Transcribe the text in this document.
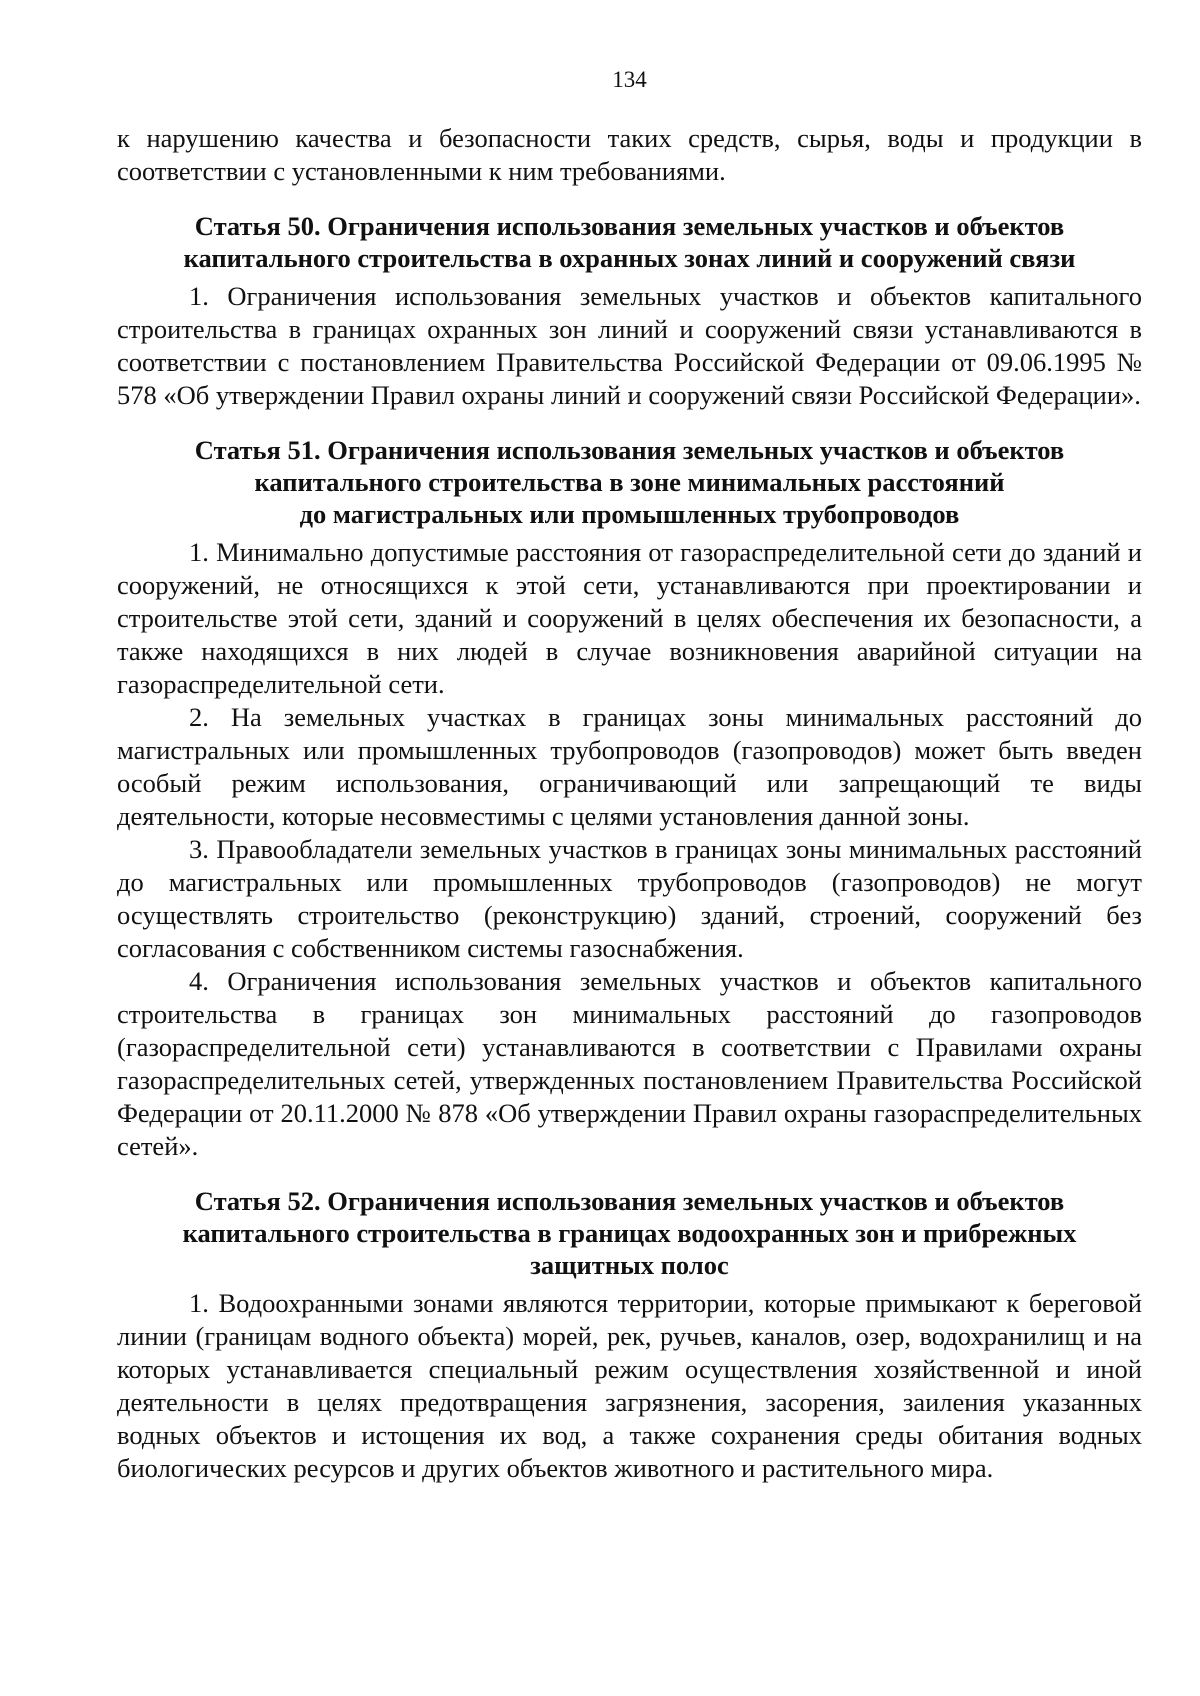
134

к нарушению качества и безопасности таких средств, сырья, воды и продукции в соответствии с установленными к ним требованиями.

Статья 50. Ограничения использования земельных участков и объектов
капитального строительства в охранных зонах линий и сооружений связи

1. Ограничения использования земельных участков и объектов капитального строительства в границах охранных зон линий и сооружений связи устанавливаются в соответствии с постановлением Правительства Российской Федерации от 09.06.1995 № 578 «Об утверждении Правил охраны линий и сооружений связи Российской Федерации».

Статья 51. Ограничения использования земельных участков и объектов
капитального строительства в зоне минимальных расстояний
до магистральных или промышленных трубопроводов

1. Минимально допустимые расстояния от газораспределительной сети до зданий и сооружений, не относящихся к этой сети, устанавливаются при проектировании и строительстве этой сети, зданий и сооружений в целях обеспечения их безопасности, а также находящихся в них людей в случае возникновения аварийной ситуации на газораспределительной сети.

2. На земельных участках в границах зоны минимальных расстояний до магистральных или промышленных трубопроводов (газопроводов) может быть введен особый режим использования, ограничивающий или запрещающий те виды деятельности, которые несовместимы с целями установления данной зоны.

3. Правообладатели земельных участков в границах зоны минимальных расстояний до магистральных или промышленных трубопроводов (газопроводов) не могут осуществлять строительство (реконструкцию) зданий, строений, сооружений без согласования с собственником системы газоснабжения.

4. Ограничения использования земельных участков и объектов капитального строительства в границах зон минимальных расстояний до газопроводов (газораспределительной сети) устанавливаются в соответствии с Правилами охраны газораспределительных сетей, утвержденных постановлением Правительства Российской Федерации от 20.11.2000 № 878 «Об утверждении Правил охраны газораспределительных сетей».

Статья 52. Ограничения использования земельных участков и объектов
капитального строительства в границах водоохранных зон и прибрежных
защитных полос

1. Водоохранными зонами являются территории, которые примыкают к береговой линии (границам водного объекта) морей, рек, ручьев, каналов, озер, водохранилищ и на которых устанавливается специальный режим осуществления хозяйственной и иной деятельности в целях предотвращения загрязнения, засорения, заиления указанных водных объектов и истощения их вод, а также сохранения среды обитания водных биологических ресурсов и других объектов животного и растительного мира.
